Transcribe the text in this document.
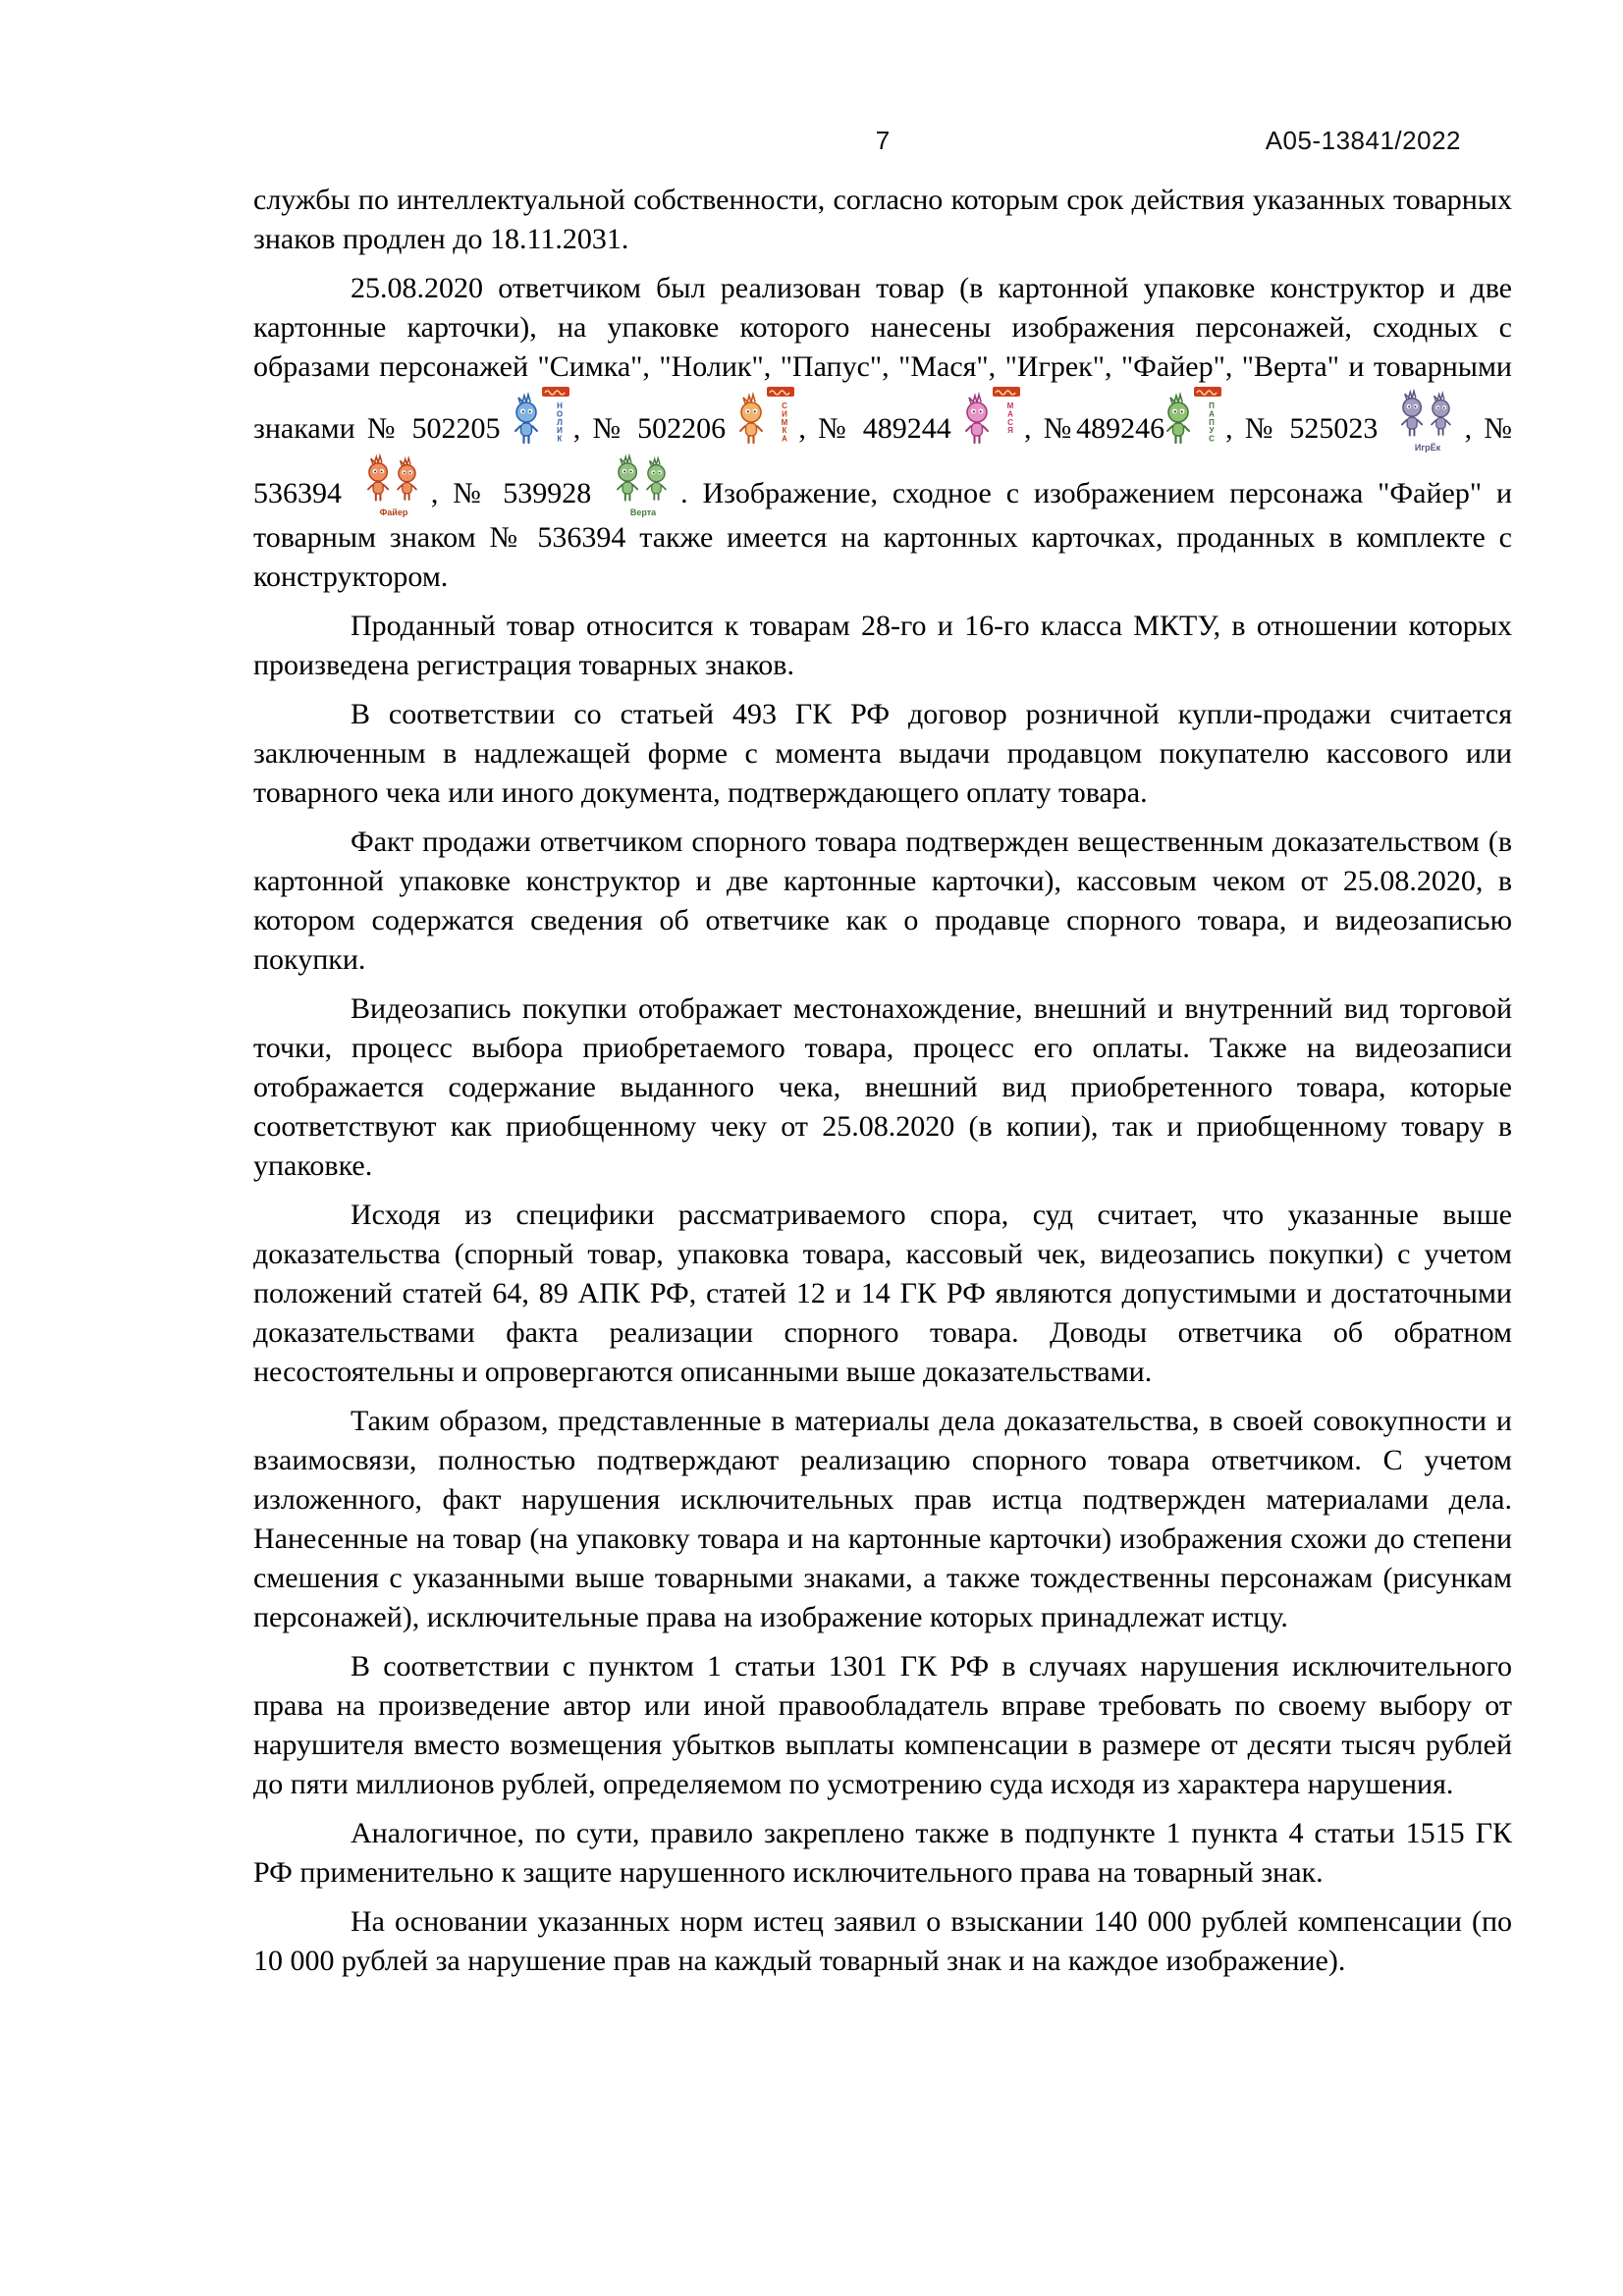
7	A05-13841/2022

службы по интеллектуальной собственности, согласно которым срок действия указанных товарных знаков продлен до 18.11.2031.

25.08.2020 ответчиком был реализован товар (в картонной упаковке конструктор и две картонные карточки), на упаковке которого нанесены изображения персонажей, сходных с образами персонажей "Симка", "Нолик", "Папус", "Мася", "Игрек", "Файер", "Верта" и товарными знаками № 502205
Н О Л И К , № 502206
С И М К А , № 489244
М А С Я , №489246
П А П У С , № 525023
ИгрЁк
, № 536394
Файер
, № 539928
Верта
. Изображение, сходное с изображением персонажа "Файер" и товарным знаком № 536394 также имеется на картонных карточках, проданных в комплекте с конструктором.

Проданный товар относится к товарам 28-го и 16-го класса МКТУ, в отношении которых произведена регистрация товарных знаков.

В соответствии со статьей 493 ГК РФ договор розничной купли-продажи считается заключенным в надлежащей форме с момента выдачи продавцом покупателю кассового или товарного чека или иного документа, подтверждающего оплату товара.

Факт продажи ответчиком спорного товара подтвержден вещественным доказательством (в картонной упаковке конструктор и две картонные карточки), кассовым чеком от 25.08.2020, в котором содержатся сведения об ответчике как о продавце спорного товара, и видеозаписью покупки.

Видеозапись покупки отображает местонахождение, внешний и внутренний вид торговой точки, процесс выбора приобретаемого товара, процесс его оплаты. Также на видеозаписи отображается содержание выданного чека, внешний вид приобретенного товара, которые соответствуют как приобщенному чеку от 25.08.2020 (в копии), так и приобщенному товару в упаковке.

Исходя из специфики рассматриваемого спора, суд считает, что указанные выше доказательства (спорный товар, упаковка товара, кассовый чек, видеозапись покупки) с учетом положений статей 64, 89 АПК РФ, статей 12 и 14 ГК РФ являются допустимыми и достаточными доказательствами факта реализации спорного товара. Доводы ответчика об обратном несостоятельны и опровергаются описанными выше доказательствами.

Таким образом, представленные в материалы дела доказательства, в своей совокупности и взаимосвязи, полностью подтверждают реализацию спорного товара ответчиком. С учетом изложенного, факт нарушения исключительных прав истца подтвержден материалами дела. Нанесенные на товар (на упаковку товара и на картонные карточки) изображения схожи до степени смешения с указанными выше товарными знаками, а также тождественны персонажам (рисункам персонажей), исключительные права на изображение которых принадлежат истцу.

В соответствии с пунктом 1 статьи 1301 ГК РФ в случаях нарушения исключительного права на произведение автор или иной правообладатель вправе требовать по своему выбору от нарушителя вместо возмещения убытков выплаты компенсации в размере от десяти тысяч рублей до пяти миллионов рублей, определяемом по усмотрению суда исходя из характера нарушения.

Аналогичное, по сути, правило закреплено также в подпункте 1 пункта 4 статьи 1515 ГК РФ применительно к защите нарушенного исключительного права на товарный знак.

На основании указанных норм истец заявил о взыскании 140 000 рублей компенсации (по 10 000 рублей за нарушение прав на каждый товарный знак и на каждое изображение).
